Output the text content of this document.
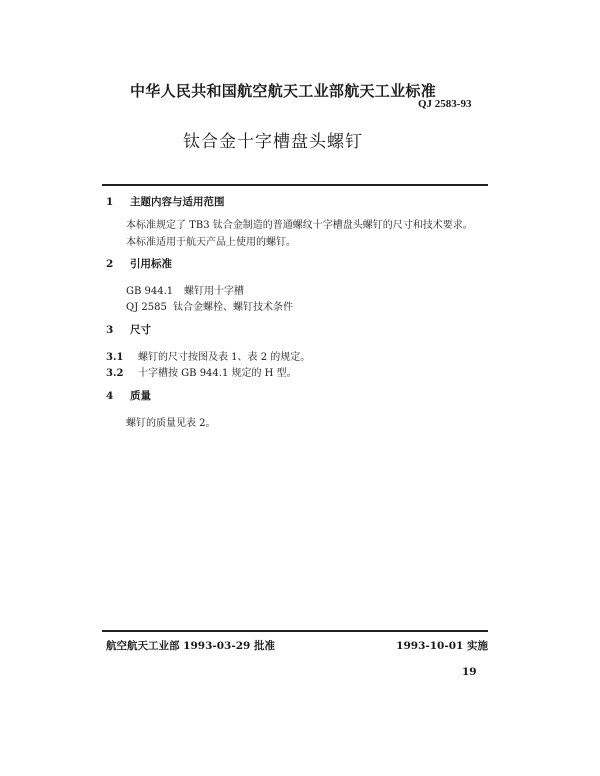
中华人民共和国航空航天工业部航天工业标准
QJ 2583-93
钛合金十字槽盘头螺钉
1 主题内容与适用范围
本标准规定了 TB3 钛合金制造的普通螺纹十字槽盘头螺钉的尺寸和技术要求。
本标准适用于航天产品上使用的螺钉。
2 引用标准
GB 944.1 螺钉用十字槽
QJ 2585 钛合金螺栓、螺钉技术条件
3 尺寸
3.1 螺钉的尺寸按图及表 1、表 2 的规定。
3.2 十字槽按 GB 944.1 规定的 H 型。
4 质量
螺钉的质量见表 2。
航空航天工业部 1993-03-29 批准	1993-10-01 实施
19
